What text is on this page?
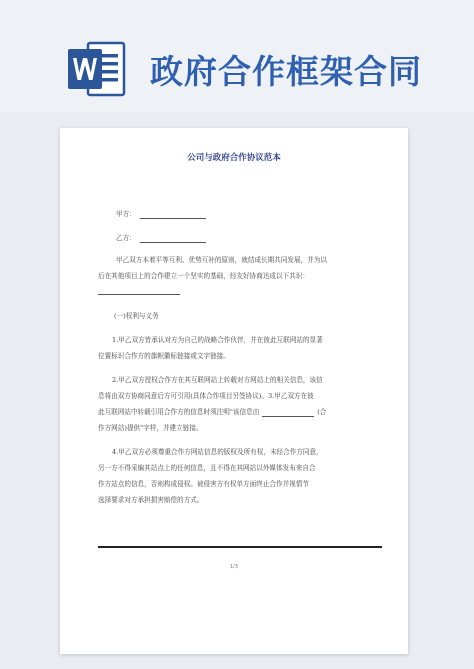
政府合作框架合同
公司与政府合作协议范本
甲方：
乙方：
甲乙双方本着平等互利、优势互补的原则，就结成长期共同发展，并为以
后在其他项目上的合作建立一个坚实的基础，经友好协商达成以下共识：
(一)权利与义务
1.甲乙双方皆承认对方为自己的战略合作伙伴，并在彼此互联网站的显著
位置标识合作方的旗帜徽标链接或文字链接。
2.甲乙双方授权合作方在其互联网站上转载对方网站上的相关信息，该信
息将由双方协商同意后方可引用(具体合作项目另签协议)。3.甲乙双方在彼
此互联网站中转载引用合作方的信息时须注明"该信息由	(合
作方网站)提供"字样，并建立链接。
4.甲乙双方必须尊重合作方网站信息的版权及所有权，未经合作方同意，
另一方不得采编其站点上的任何信息，且不得在其网站以外媒体发布来自合
作方站点的信息，否则构成侵权。被侵害方有权单方面终止合作并视情节
选择要求对方承担损害赔偿的方式。
1/3
